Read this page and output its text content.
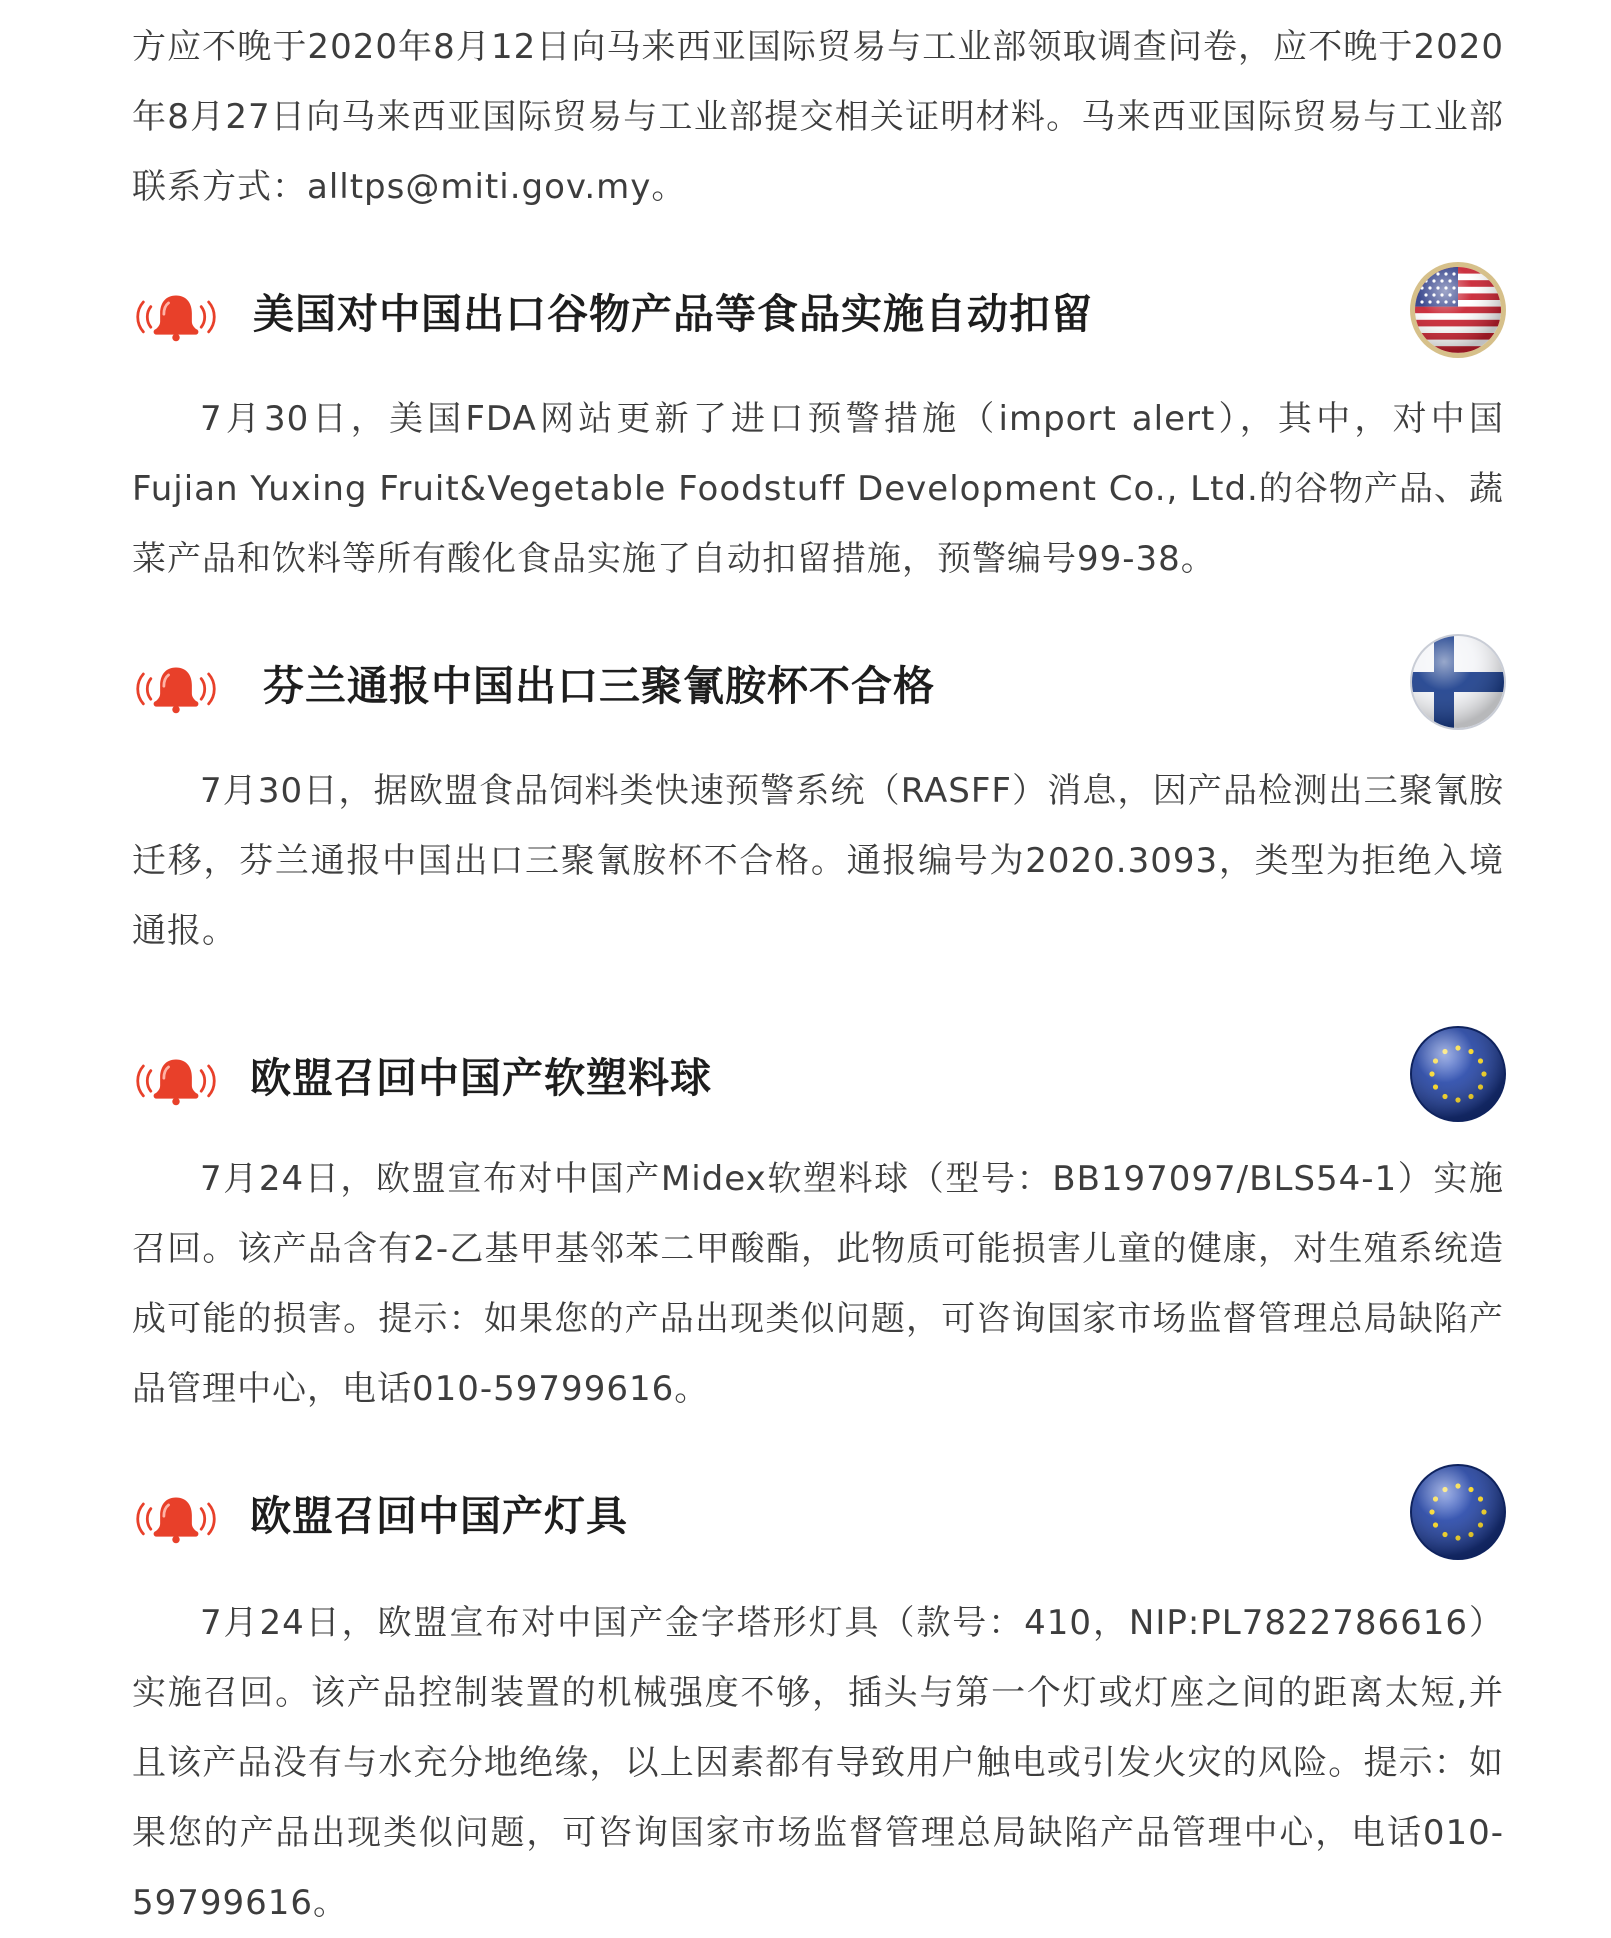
方应不晚于2020年8月12日向马来西亚国际贸易与工业部领取调查问卷，应不晚于2020年8月27日向马来西亚国际贸易与工业部提交相关证明材料。马来西亚国际贸易与工业部联系方式：alltps@miti.gov.my。

美国对中国出口谷物产品等食品实施自动扣留

7月30日，美国FDA网站更新了进口预警措施（import alert），其中，对中国Fujian Yuxing Fruit&Vegetable Foodstuff Development Co., Ltd.的谷物产品、蔬菜产品和饮料等所有酸化食品实施了自动扣留措施，预警编号99-38。

芬兰通报中国出口三聚氰胺杯不合格

7月30日，据欧盟食品饲料类快速预警系统（RASFF）消息，因产品检测出三聚氰胺迁移，芬兰通报中国出口三聚氰胺杯不合格。通报编号为2020.3093，类型为拒绝入境通报。

欧盟召回中国产软塑料球

7月24日，欧盟宣布对中国产Midex软塑料球（型号：BB197097/BLS54-1）实施召回。该产品含有2-乙基甲基邻苯二甲酸酯，此物质可能损害儿童的健康，对生殖系统造成可能的损害。提示：如果您的产品出现类似问题，可咨询国家市场监督管理总局缺陷产品管理中心，电话010-59799616。

欧盟召回中国产灯具

7月24日，欧盟宣布对中国产金字塔形灯具（款号：410，NIP:PL7822786616）实施召回。该产品控制装置的机械强度不够，插头与第一个灯或灯座之间的距离太短,并且该产品没有与水充分地绝缘，以上因素都有导致用户触电或引发火灾的风险。提示：如果您的产品出现类似问题，可咨询国家市场监督管理总局缺陷产品管理中心，电话010-59799616。
